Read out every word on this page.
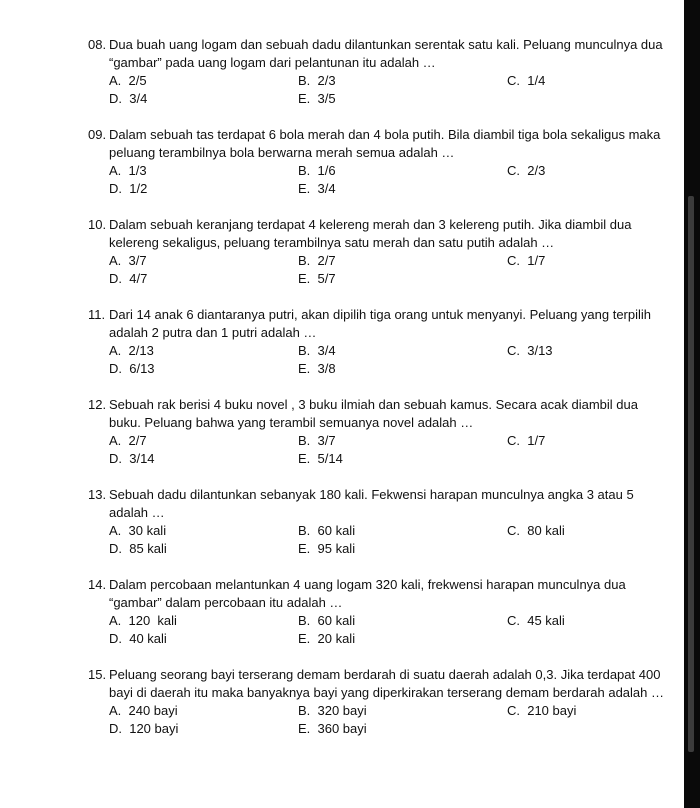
08. Dua buah uang logam dan sebuah dadu dilantunkan serentak satu kali. Peluang munculnya dua “gambar” pada uang logam dari pelantunan itu adalah …
A.  2/5	B.  2/3	C.  1/4
D.  3/4	E.  3/5
09. Dalam sebuah tas terdapat 6 bola merah dan 4 bola putih. Bila diambil tiga bola sekaligus maka peluang terambilnya bola berwarna merah semua adalah …
A.  1/3	B.  1/6	C.  2/3
D.  1/2	E.  3/4
10. Dalam sebuah keranjang terdapat 4 kelereng merah dan 3 kelereng putih. Jika diambil dua kelereng sekaligus, peluang terambilnya satu merah dan satu putih adalah …
A.  3/7	B.  2/7	C.  1/7
D.  4/7	E.  5/7
11. Dari 14 anak 6 diantaranya putri, akan dipilih tiga orang untuk menyanyi. Peluang yang terpilih adalah 2 putra dan 1 putri adalah …
A.  2/13	B.  3/4	C.  3/13
D.  6/13	E.  3/8
12. Sebuah rak berisi 4 buku novel , 3 buku ilmiah dan sebuah kamus. Secara acak diambil dua buku. Peluang bahwa yang terambil semuanya novel adalah …
A.  2/7	B.  3/7	C.  1/7
D.  3/14	E.  5/14
13. Sebuah dadu dilantunkan sebanyak 180 kali. Fekwensi harapan munculnya angka 3 atau 5 adalah …
A.  30 kali	B.  60 kali	C.  80 kali
D.  85 kali	E.  95 kali
14. Dalam percobaan melantunkan 4 uang logam 320 kali, frekwensi harapan munculnya dua “gambar” dalam percobaan itu adalah …
A.  120  kali	B.  60 kali	C.  45 kali
D.  40 kali	E.  20 kali
15. Peluang seorang bayi terserang demam berdarah di suatu daerah adalah 0,3. Jika terdapat 400 bayi di daerah itu maka banyaknya bayi yang diperkirakan terserang demam berdarah adalah …
A.  240 bayi	B.  320 bayi	C.  210 bayi
D.  120 bayi	E.  360 bayi
